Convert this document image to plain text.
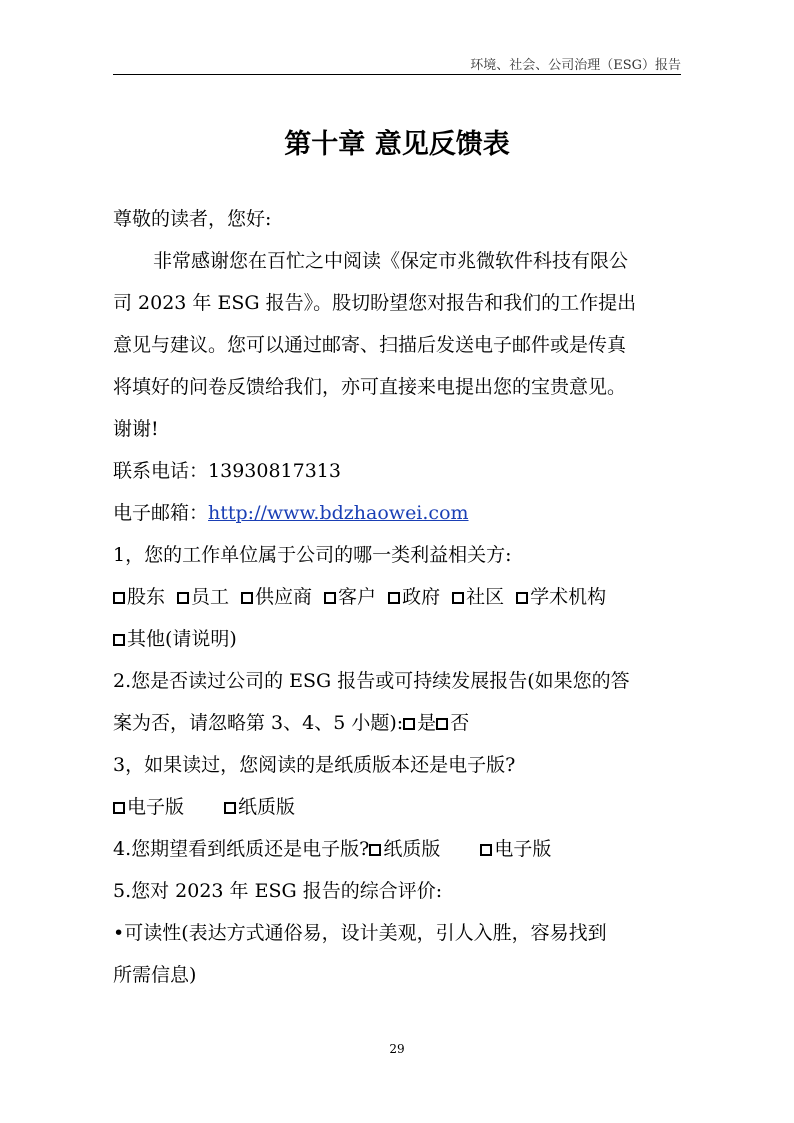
环境、社会、公司治理（ESG）报告
第十章 意见反馈表
尊敬的读者，您好:
非常感谢您在百忙之中阅读《保定市兆微软件科技有限公
司 2023 年 ESG 报告》。股切盼望您对报告和我们的工作提出
意见与建议。您可以通过邮寄、扫描后发送电子邮件或是传真
将填好的问卷反馈给我们，亦可直接来电提出您的宝贵意见。
谢谢!
联系电话：13930817313
电子邮箱：http://www.bdzhaowei.com
1，您的工作单位属于公司的哪一类利益相关方:
股东 员工 供应商 客户 政府 社区 学术机构
其他(请说明)
2.您是否读过公司的 ESG 报告或可持续发展报告(如果您的答
案为否，请忽略第 3、4、5 小题): 是 否
3，如果读过，您阅读的是纸质版本还是电子版?
电子版	纸质版
4.您期望看到纸质还是电子版? 纸质版	电子版
5.您对 2023 年 ESG 报告的综合评价:
•可读性(表达方式通俗易，设计美观，引人入胜，容易找到
所需信息)
29
